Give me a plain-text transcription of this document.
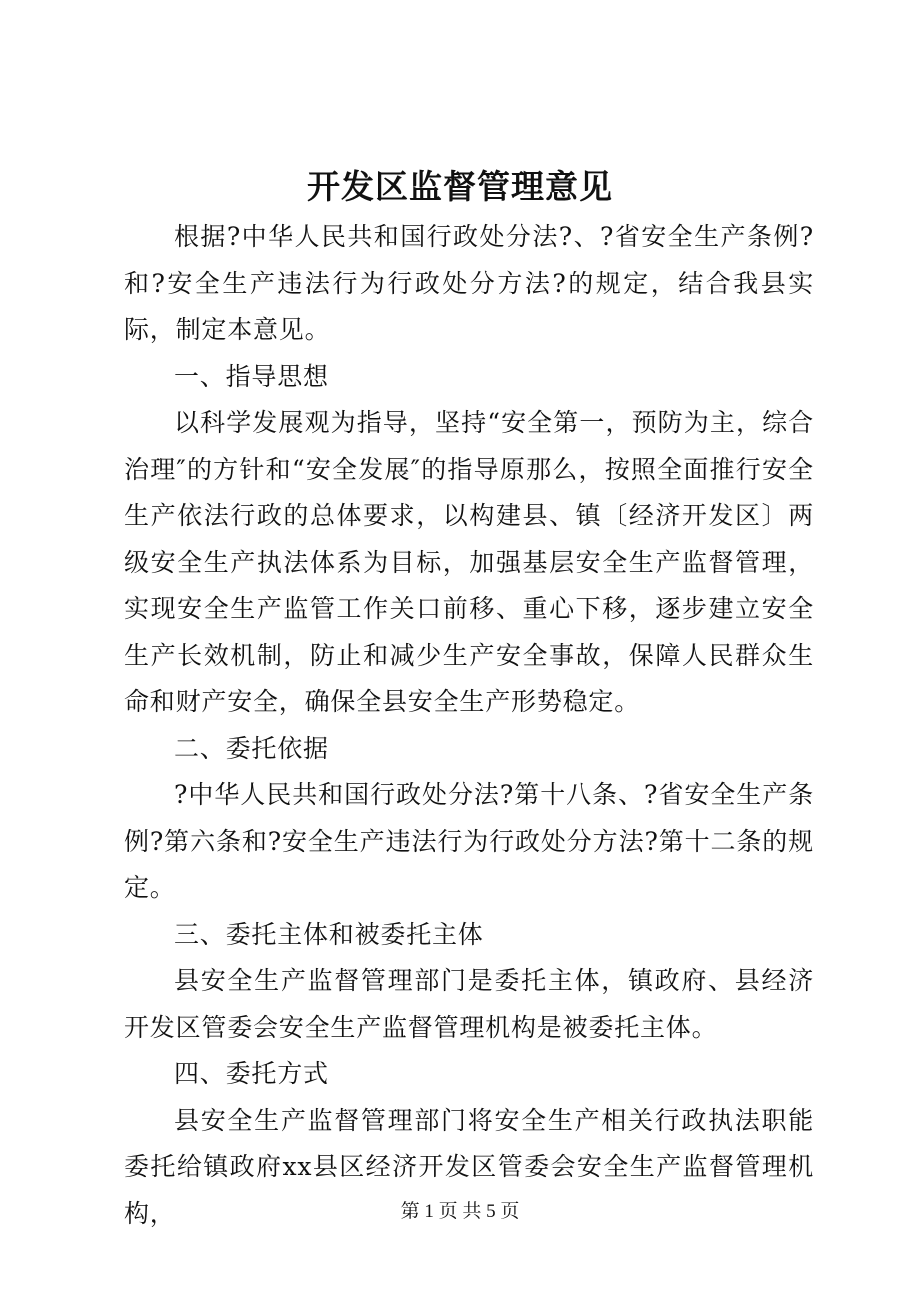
开发区监督管理意见

根据?中华人民共和国行政处分法?、?省安全生产条例?和?安全生产违法行为行政处分方法?的规定，结合我县实际，制定本意见。

一、指导思想

以科学发展观为指导，坚持“安全第一，预防为主，综合治理″的方针和“安全发展″的指导原那么，按照全面推行安全生产依法行政的总体要求，以构建县、镇〔经济开发区〕两级安全生产执法体系为目标，加强基层安全生产监督管理，实现安全生产监管工作关口前移、重心下移，逐步建立安全生产长效机制，防止和减少生产安全事故，保障人民群众生命和财产安全，确保全县安全生产形势稳定。

二、委托依据

?中华人民共和国行政处分法?第十八条、?省安全生产条例?第六条和?安全生产违法行为行政处分方法?第十二条的规定。

三、委托主体和被委托主体

县安全生产监督管理部门是委托主体，镇政府、县经济开发区管委会安全生产监督管理机构是被委托主体。

四、委托方式

县安全生产监督管理部门将安全生产相关行政执法职能委托给镇政府xx县区经济开发区管委会安全生产监督管理机构，	第 1 页 共 5 页
